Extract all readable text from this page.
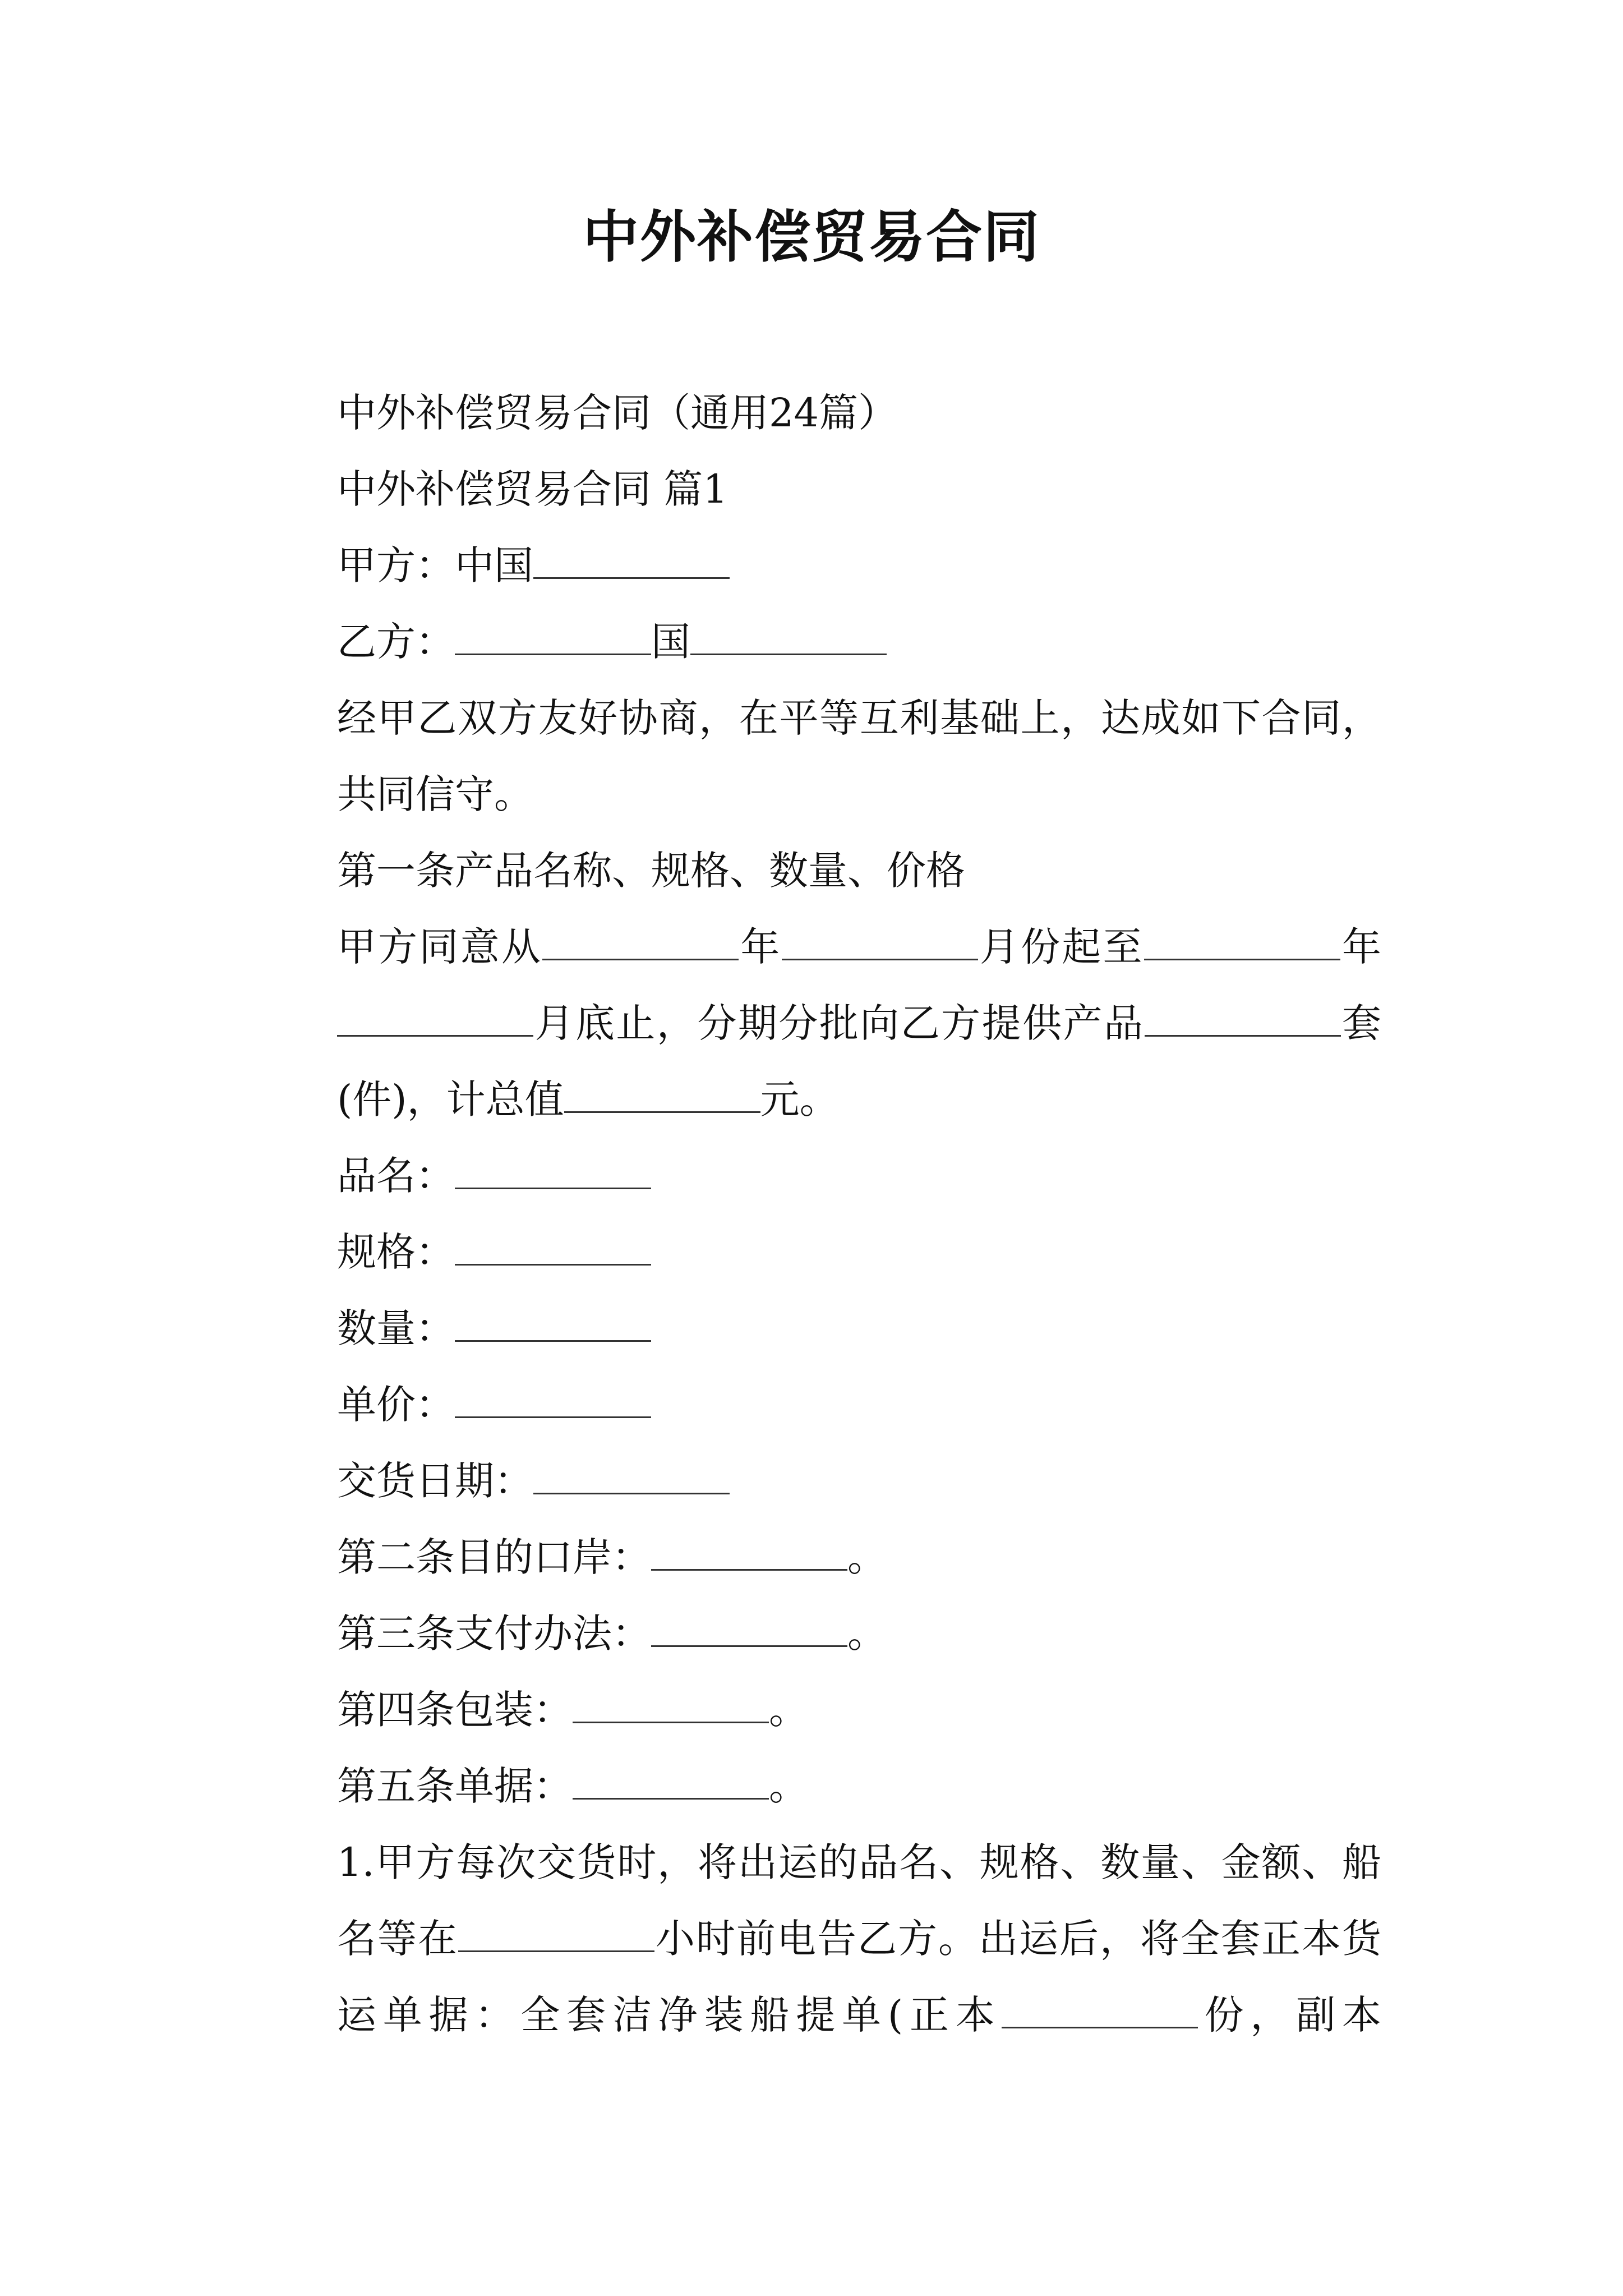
中外补偿贸易合同

中外补偿贸易合同（通用24篇）

中外补偿贸易合同 篇1

甲方：中国

乙方：	国

经甲乙双方友好协商，在平等互利基础上，达成如下合同，共同信守。

第一条产品名称、规格、数量、价格

甲方同意从	年	月份起至	年月底止，分期分批向乙方提供产品	套(件)，计总值	元。

品名：

规格：

数量：

单价：

交货日期：

第二条目的口岸：	。

第三条支付办法：	。

第四条包装：	。

第五条单据：	。

1.甲方每次交货时，将出运的品名、规格、数量、金额、船名等在	小时前电告乙方。出运后，将全套正本货运单据：全套洁净装船提单(正本	份，副本
